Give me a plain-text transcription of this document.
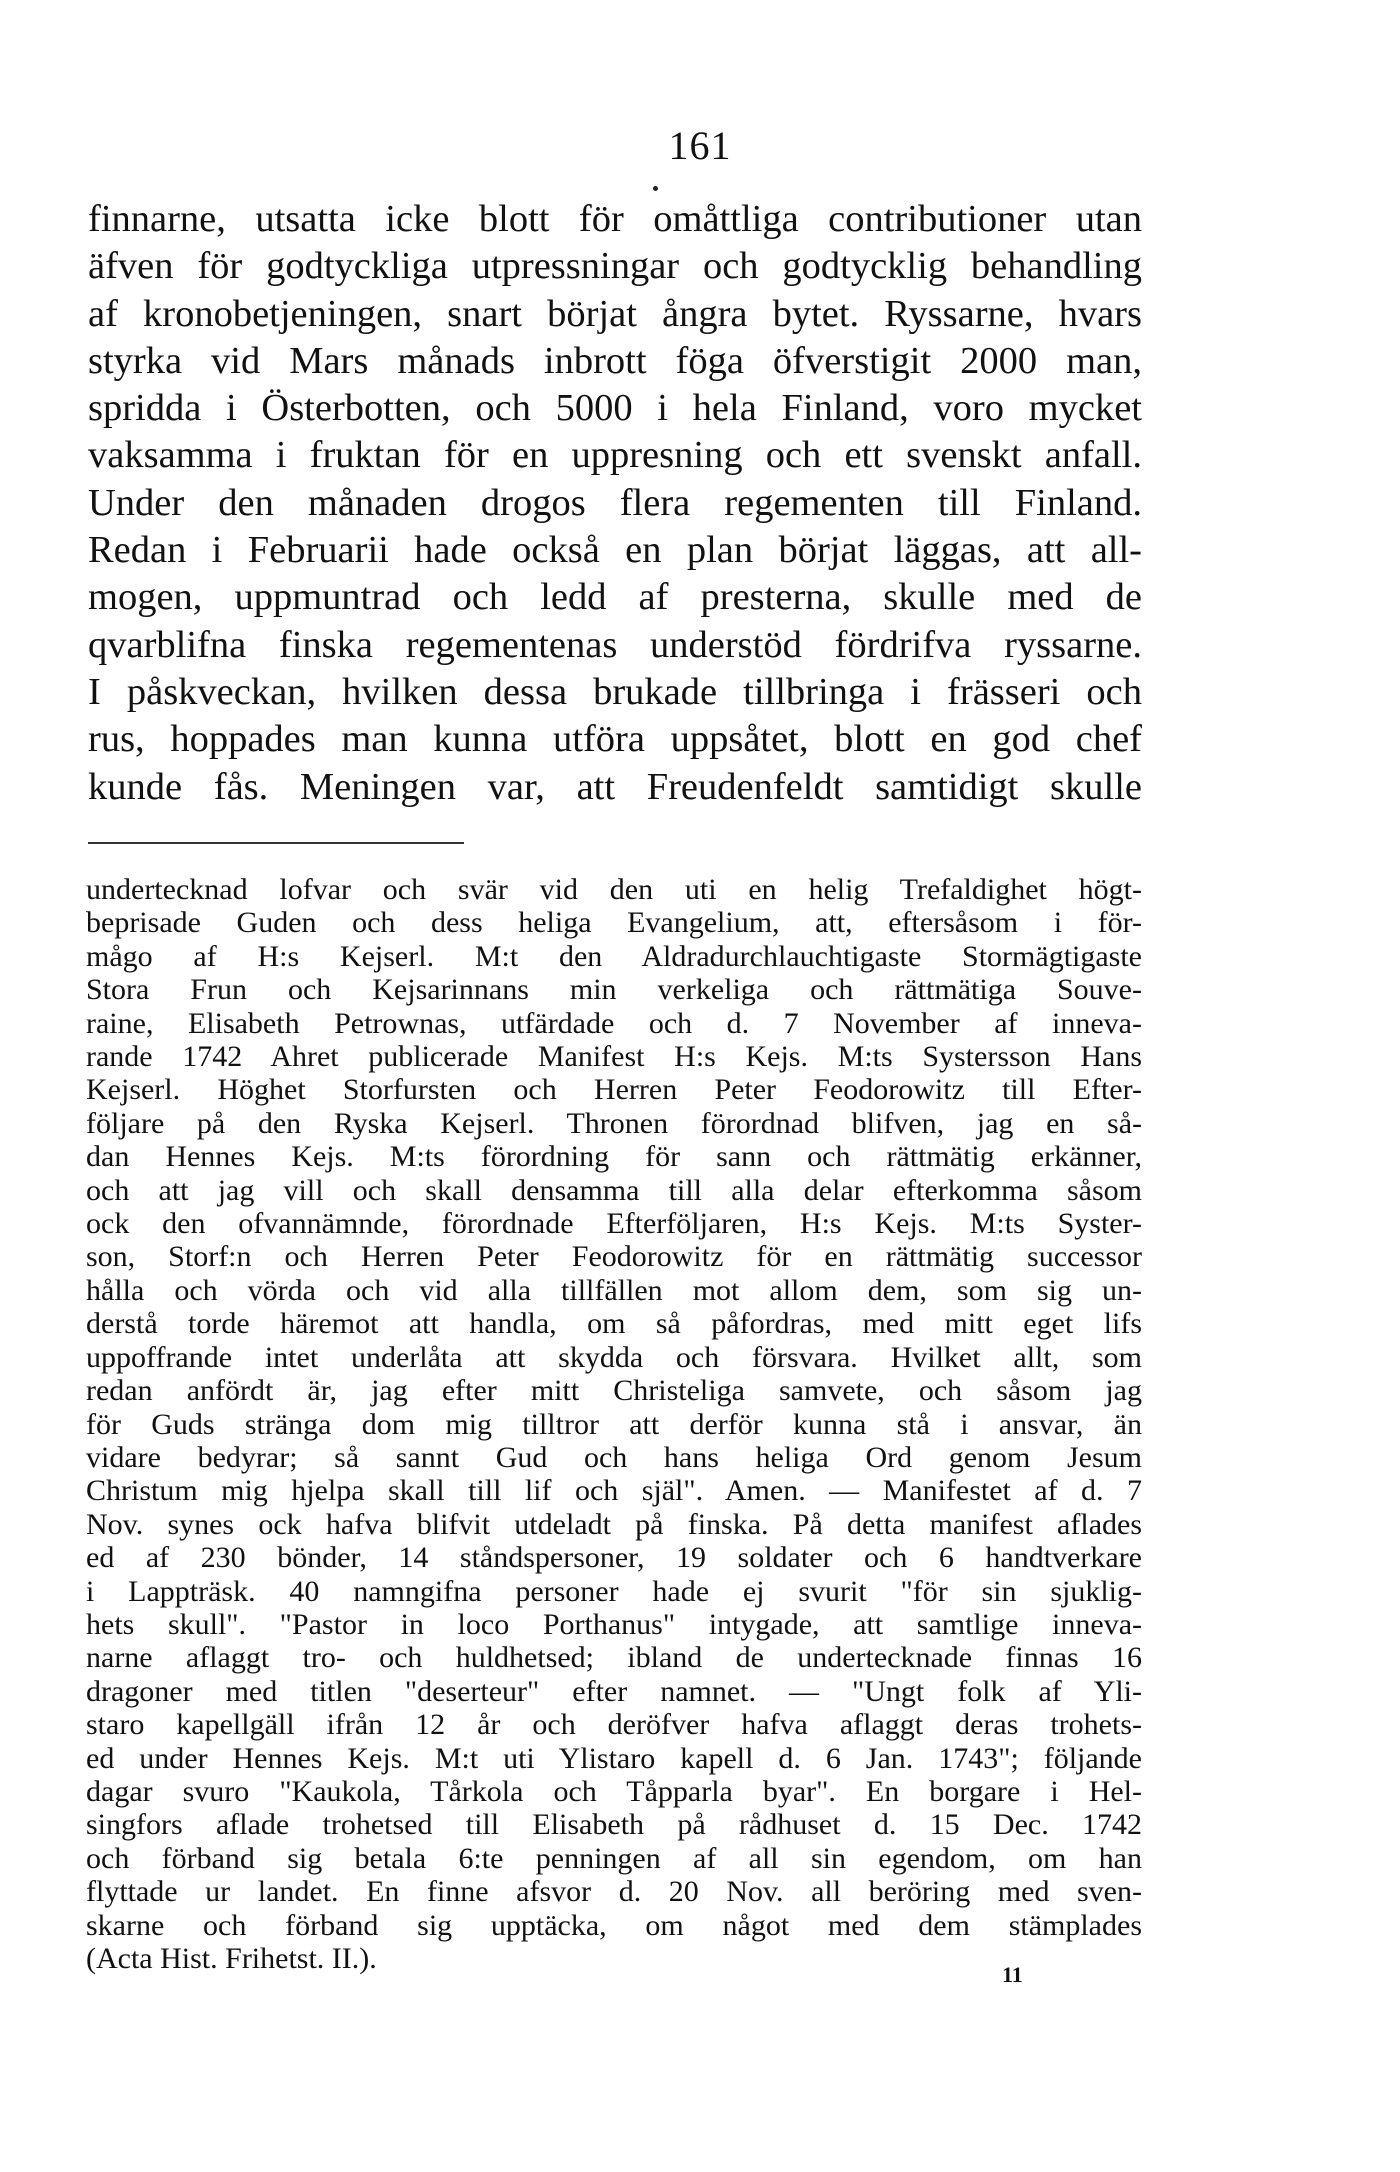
161
finnarne, utsatta icke blott för omåttliga contributioner utan
äfven för godtyckliga utpressningar och godtycklig behandling
af kronobetjeningen, snart börjat ångra bytet. Ryssarne, hvars
styrka vid Mars månads inbrott föga öfverstigit 2000 man,
spridda i Österbotten, och 5000 i hela Finland, voro mycket
vaksamma i fruktan för en uppresning och ett svenskt anfall.
Under den månaden drogos flera regementen till Finland.
Redan i Februarii hade också en plan börjat läggas, att all-
mogen, uppmuntrad och ledd af presterna, skulle med de
qvarblifna finska regementenas understöd fördrifva ryssarne.
I påskveckan, hvilken dessa brukade tillbringa i frässeri och
rus, hoppades man kunna utföra uppsåtet, blott en god chef
kunde fås. Meningen var, att Freudenfeldt samtidigt skulle
undertecknad lofvar och svär vid den uti en helig Trefaldighet högt-
beprisade Guden och dess heliga Evangelium, att, eftersåsom i för-
mågo af H:s Kejserl. M:t den Aldradurchlauchtigaste Stormägtigaste
Stora Frun och Kejsarinnans min verkeliga och rättmätiga Souve-
raine, Elisabeth Petrownas, utfärdade och d. 7 November af inneva-
rande 1742 Ahret publicerade Manifest H:s Kejs. M:ts Systersson Hans
Kejserl. Höghet Storfursten och Herren Peter Feodorowitz till Efter-
följare på den Ryska Kejserl. Thronen förordnad blifven, jag en så-
dan Hennes Kejs. M:ts förordning för sann och rättmätig erkänner,
och att jag vill och skall densamma till alla delar efterkomma såsom
ock den ofvannämnde, förordnade Efterföljaren, H:s Kejs. M:ts Syster-
son, Storf:n och Herren Peter Feodorowitz för en rättmätig successor
hålla och vörda och vid alla tillfällen mot allom dem, som sig un-
derstå torde häremot att handla, om så påfordras, med mitt eget lifs
uppoffrande intet underlåta att skydda och försvara. Hvilket allt, som
redan anfördt är, jag efter mitt Christeliga samvete, och såsom jag
för Guds stränga dom mig tilltror att derför kunna stå i ansvar, än
vidare bedyrar; så sannt Gud och hans heliga Ord genom Jesum
Christum mig hjelpa skall till lif och själ". Amen. — Manifestet af d. 7
Nov. synes ock hafva blifvit utdeladt på finska. På detta manifest aflades
ed af 230 bönder, 14 ståndspersoner, 19 soldater och 6 handtverkare
i Lappträsk. 40 namngifna personer hade ej svurit "för sin sjuklig-
hets skull". "Pastor in loco Porthanus" intygade, att samtlige inneva-
narne aflaggt tro- och huldhetsed; ibland de undertecknade finnas 16
dragoner med titlen "deserteur" efter namnet. — "Ungt folk af Yli-
staro kapellgäll ifrån 12 år och deröfver hafva aflaggt deras trohets-
ed under Hennes Kejs. M:t uti Ylistaro kapell d. 6 Jan. 1743"; följande
dagar svuro "Kaukola, Tårkola och Tåpparla byar". En borgare i Hel-
singfors aflade trohetsed till Elisabeth på rådhuset d. 15 Dec. 1742
och förband sig betala 6:te penningen af all sin egendom, om han
flyttade ur landet. En finne afsvor d. 20 Nov. all beröring med sven-
skarne och förband sig upptäcka, om något med dem stämplades
(Acta Hist. Frihetst. II.).	11
